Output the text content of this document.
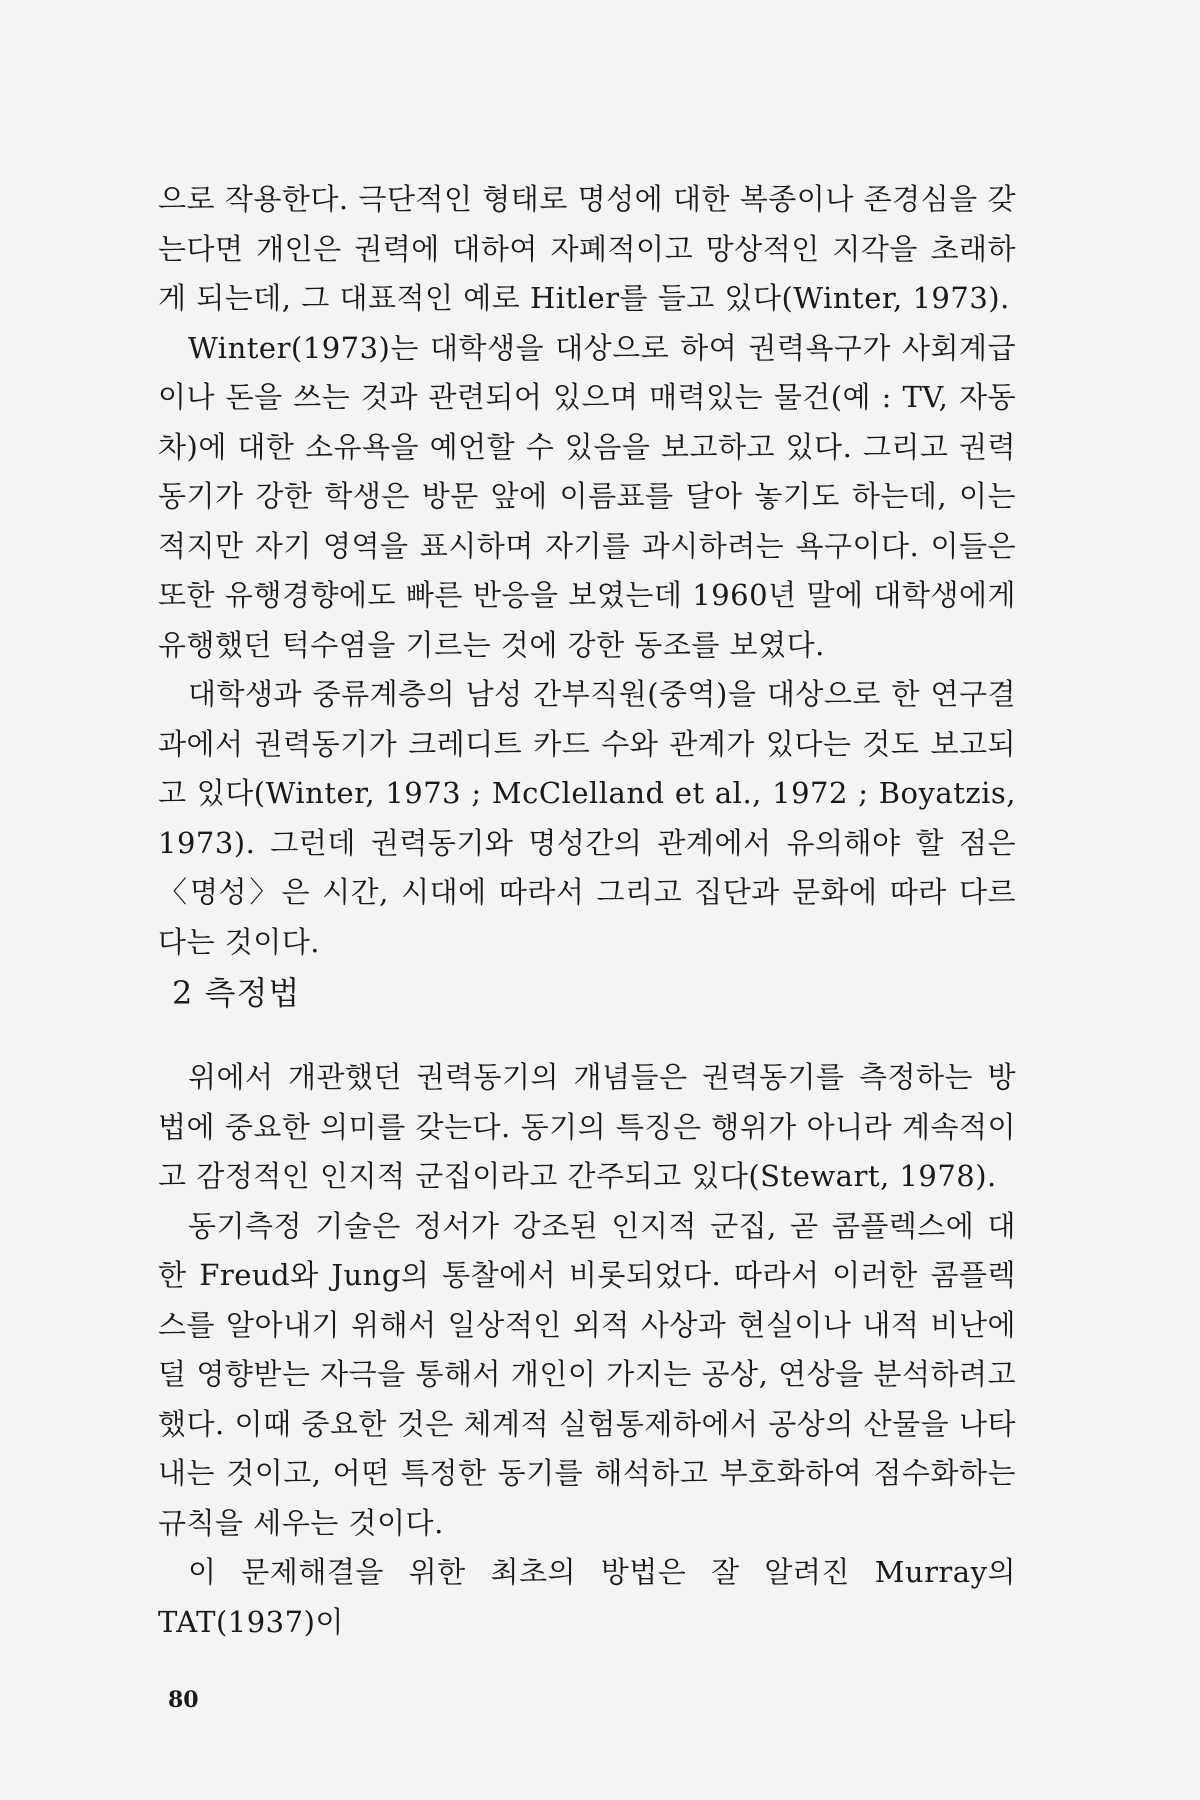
으로 작용한다. 극단적인 형태로 명성에 대한 복종이나 존경심을 갖는다면 개인은 권력에 대하여 자폐적이고 망상적인 지각을 초래하게 되는데, 그 대표적인 예로 Hitler를 들고 있다(Winter, 1973).

Winter(1973)는 대학생을 대상으로 하여 권력욕구가 사회계급이나 돈을 쓰는 것과 관련되어 있으며 매력있는 물건(예 : TV, 자동차)에 대한 소유욕을 예언할 수 있음을 보고하고 있다. 그리고 권력동기가 강한 학생은 방문 앞에 이름표를 달아 놓기도 하는데, 이는 적지만 자기 영역을 표시하며 자기를 과시하려는 욕구이다. 이들은 또한 유행경향에도 빠른 반응을 보였는데 1960년 말에 대학생에게 유행했던 턱수염을 기르는 것에 강한 동조를 보였다.

대학생과 중류계층의 남성 간부직원(중역)을 대상으로 한 연구결과에서 권력동기가 크레디트 카드 수와 관계가 있다는 것도 보고되고 있다(Winter, 1973 ; McClelland et al., 1972 ; Boyatzis, 1973). 그런데 권력동기와 명성간의 관계에서 유의해야 할 점은 〈명성〉은 시간, 시대에 따라서 그리고 집단과 문화에 따라 다르다는 것이다.

2 측정법

위에서 개관했던 권력동기의 개념들은 권력동기를 측정하는 방법에 중요한 의미를 갖는다. 동기의 특징은 행위가 아니라 계속적이고 감정적인 인지적 군집이라고 간주되고 있다(Stewart, 1978).

동기측정 기술은 정서가 강조된 인지적 군집, 곧 콤플렉스에 대한 Freud와 Jung의 통찰에서 비롯되었다. 따라서 이러한 콤플렉스를 알아내기 위해서 일상적인 외적 사상과 현실이나 내적 비난에 덜 영향받는 자극을 통해서 개인이 가지는 공상, 연상을 분석하려고 했다. 이때 중요한 것은 체계적 실험통제하에서 공상의 산물을 나타내는 것이고, 어떤 특정한 동기를 해석하고 부호화하여 점수화하는 규칙을 세우는 것이다.

이 문제해결을 위한 최초의 방법은 잘 알려진 Murray의 TAT(1937)이

80
